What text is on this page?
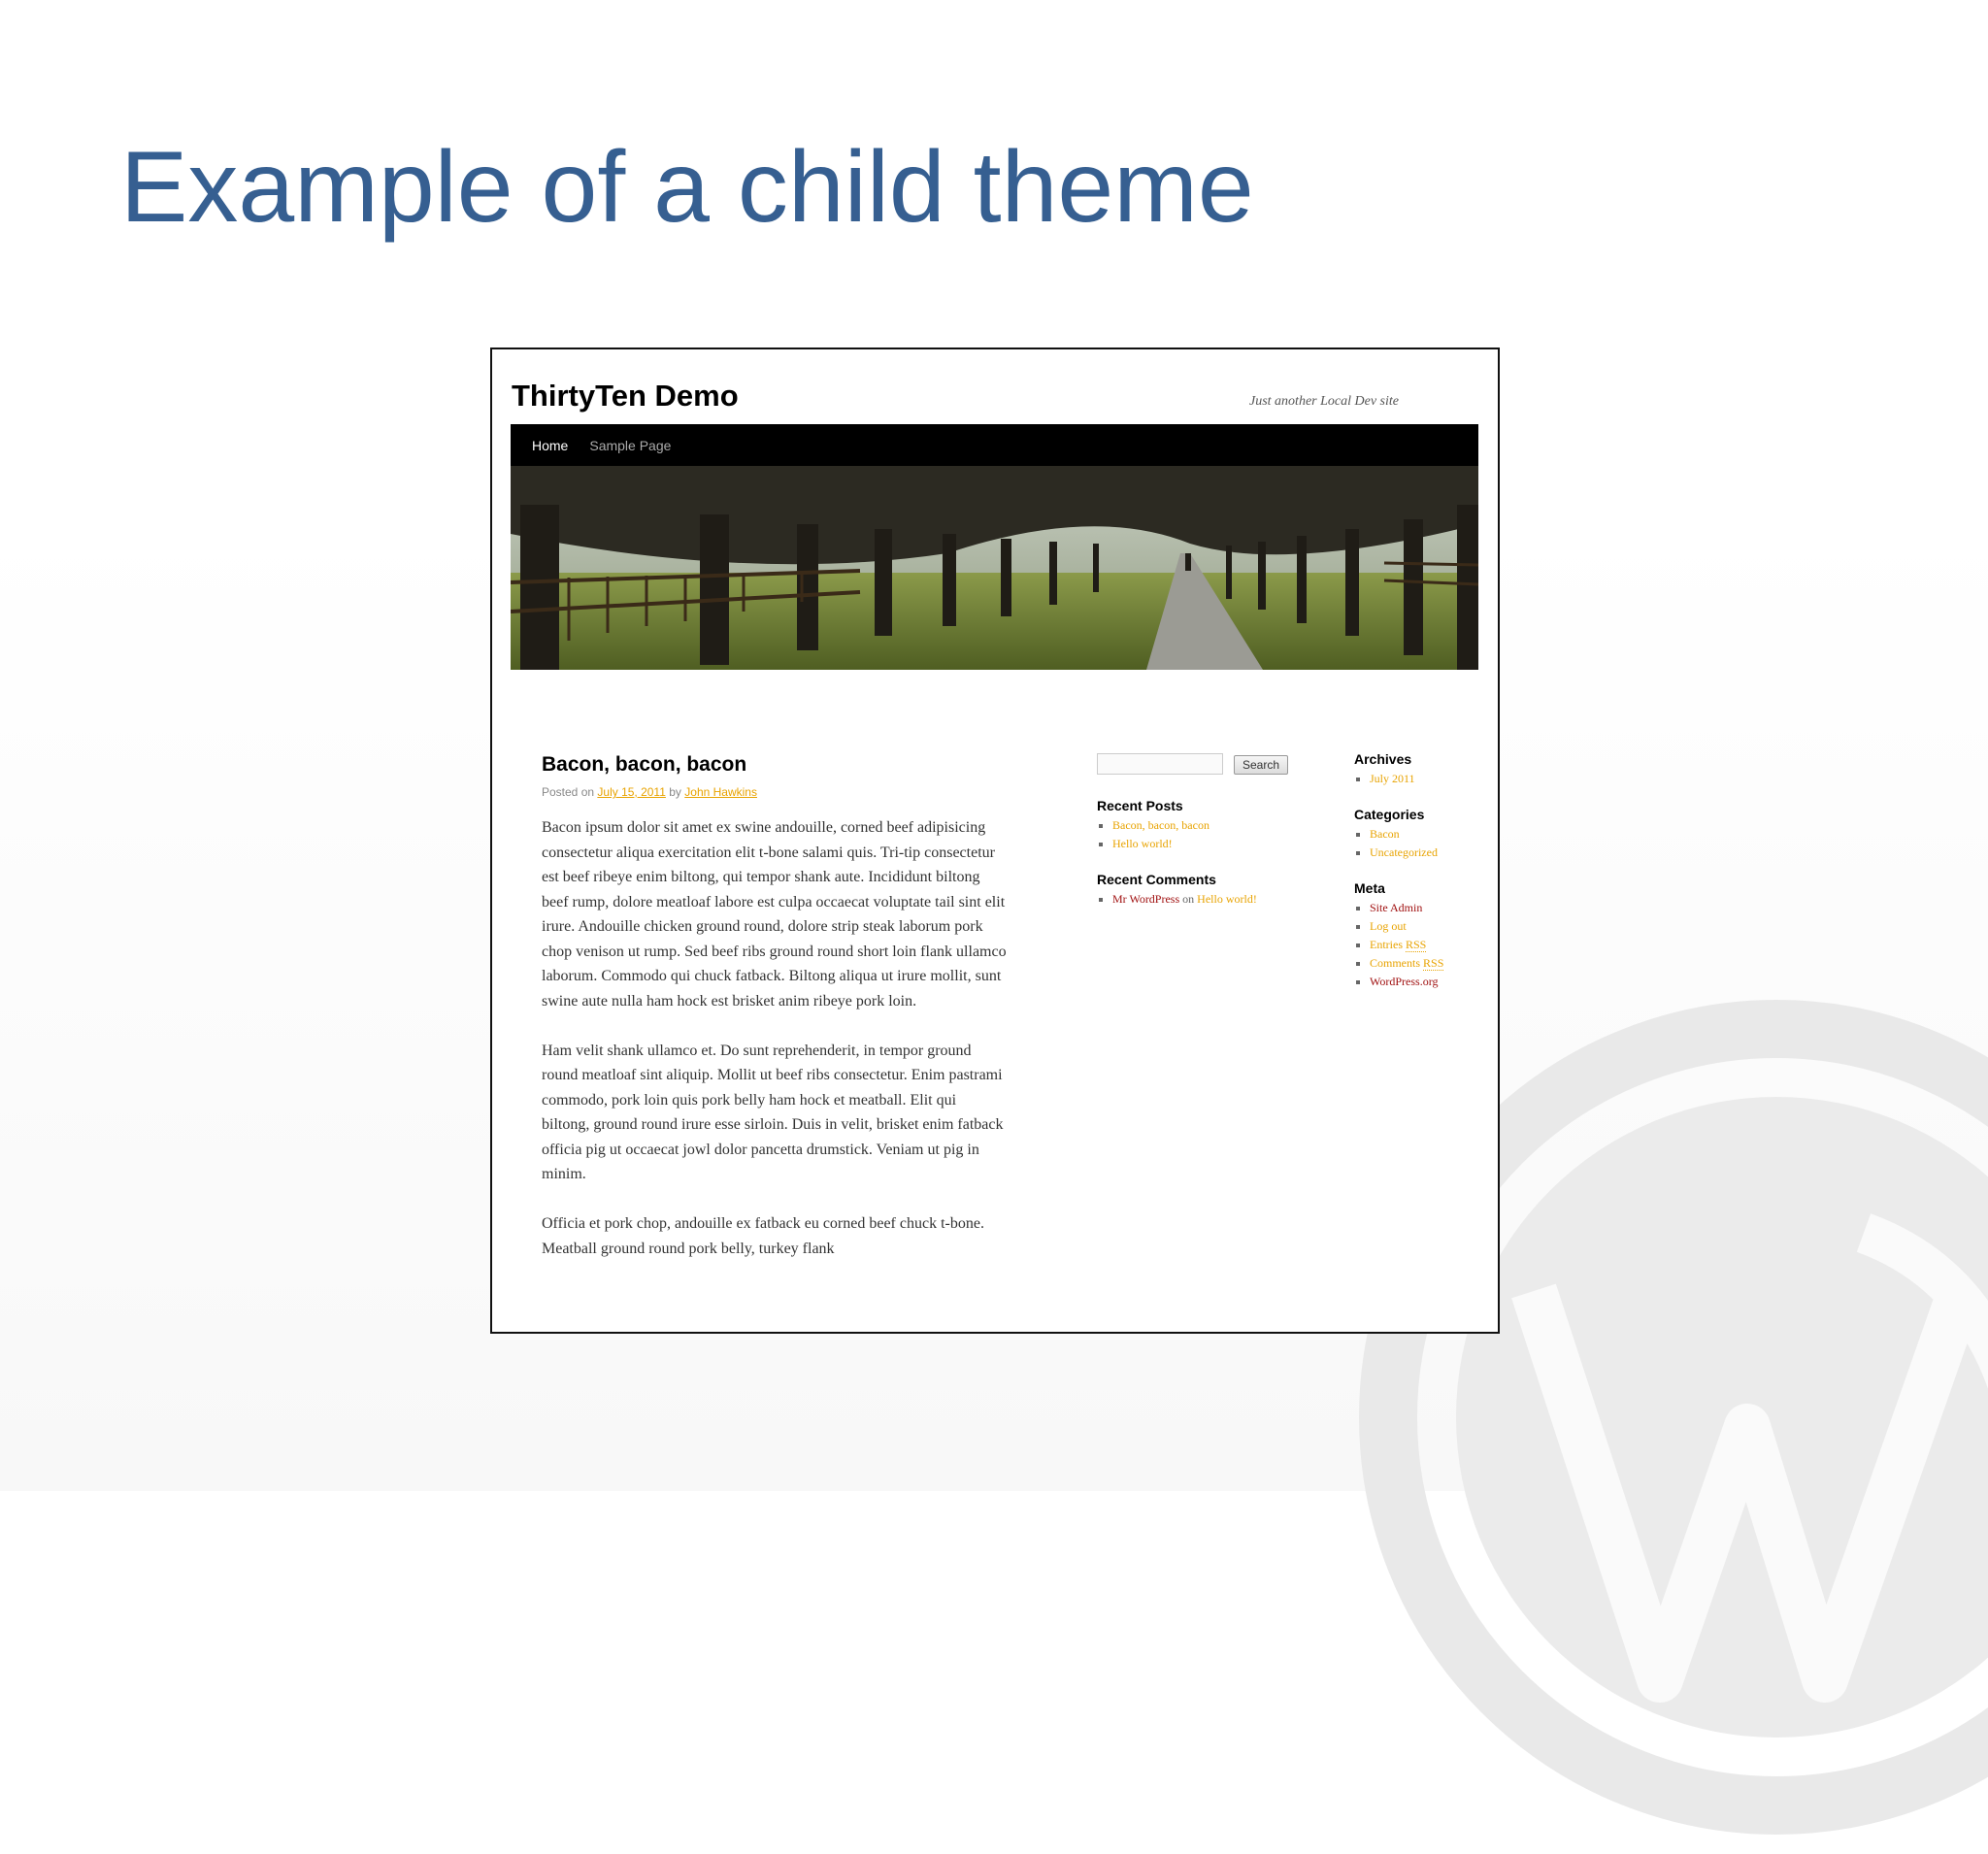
Example of a child theme
ThirtyTen Demo	Just another Local Dev site
Home Sample Page
Bacon, bacon, bacon
Posted on July 15, 2011 by John Hawkins

Bacon ipsum dolor sit amet ex swine andouille, corned beef adipisicing consectetur aliqua exercitation elit t-bone salami quis. Tri-tip consectetur est beef ribeye enim biltong, qui tempor shank aute. Incididunt biltong beef rump, dolore meatloaf labore est culpa occaecat voluptate tail sint elit irure. Andouille chicken ground round, dolore strip steak laborum pork chop venison ut rump. Sed beef ribs ground round short loin flank ullamco laborum. Commodo qui chuck fatback. Biltong aliqua ut irure mollit, sunt swine aute nulla ham hock est brisket anim ribeye pork loin.

Ham velit shank ullamco et. Do sunt reprehenderit, in tempor ground round meatloaf sint aliquip. Mollit ut beef ribs consectetur. Enim pastrami commodo, pork loin quis pork belly ham hock et meatball. Elit qui biltong, ground round irure esse sirloin. Duis in velit, brisket enim fatback officia pig ut occaecat jowl dolor pancetta drumstick. Veniam ut pig in minim.

Officia et pork chop, andouille ex fatback eu corned beef chuck t-bone. Meatball ground round pork belly, turkey flank

Search
Recent Posts
▪ Bacon, bacon, bacon
▪ Hello world!
Recent Comments
▪ Mr WordPress on Hello world!
Archives
▪ July 2011
Categories
▪ Bacon
▪ Uncategorized
Meta
▪ Site Admin
▪ Log out
▪ Entries RSS
▪ Comments RSS
▪ WordPress.org
